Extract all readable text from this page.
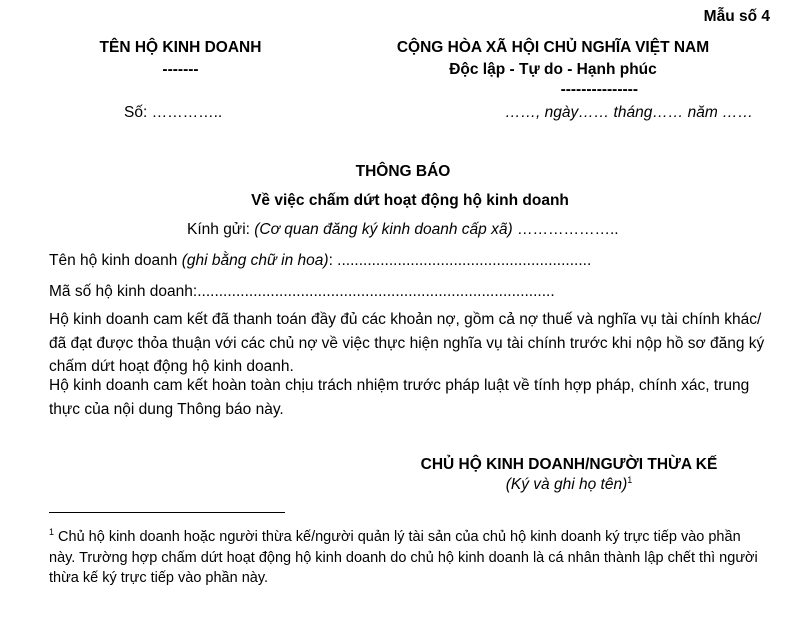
Mẫu số 4
TÊN HỘ KINH DOANH
-------
CỘNG HÒA XÃ HỘI CHỦ NGHĨA VIỆT NAM
Độc lập - Tự do - Hạnh phúc
---------------
Số: …………..	……, ngày…… tháng…… năm ……
THÔNG BÁO
Về việc chấm dứt hoạt động hộ kinh doanh
Kính gửi: (Cơ quan đăng ký kinh doanh cấp xã) ………………..
Tên hộ kinh doanh (ghi bằng chữ in hoa): ...........................................................
Mã số hộ kinh doanh:...................................................................................
Hộ kinh doanh cam kết đã thanh toán đầy đủ các khoản nợ, gồm cả nợ thuế và nghĩa vụ tài chính khác/đã đạt được thỏa thuận với các chủ nợ về việc thực hiện nghĩa vụ tài chính trước khi nộp hồ sơ đăng ký chấm dứt hoạt động hộ kinh doanh.
Hộ kinh doanh cam kết hoàn toàn chịu trách nhiệm trước pháp luật về tính hợp pháp, chính xác, trung thực của nội dung Thông báo này.
CHỦ HỘ KINH DOANH/NGƯỜI THỪA KẾ
(Ký và ghi họ tên)$^1$
$^1$ Chủ hộ kinh doanh hoặc người thừa kế/người quản lý tài sản của chủ hộ kinh doanh ký trực tiếp vào phần này. Trường hợp chấm dứt hoạt động hộ kinh doanh do chủ hộ kinh doanh là cá nhân thành lập chết thì người thừa kế ký trực tiếp vào phần này.
